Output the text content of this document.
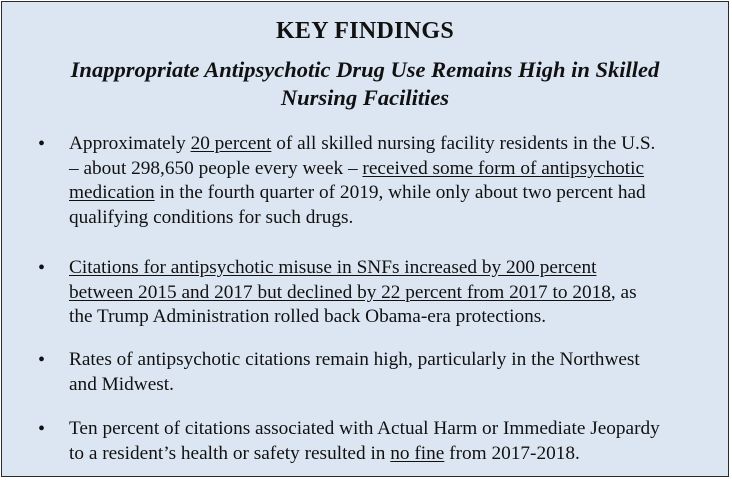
KEY FINDINGS
Inappropriate Antipsychotic Drug Use Remains High in Skilled
Nursing Facilities
•	Approximately 20 percent of all skilled nursing facility residents in the U.S.
– about 298,650 people every week – received some form of antipsychotic
medication in the fourth quarter of 2019, while only about two percent had
qualifying conditions for such drugs.
•	Citations for antipsychotic misuse in SNFs increased by 200 percent
between 2015 and 2017 but declined by 22 percent from 2017 to 2018, as
the Trump Administration rolled back Obama-era protections.
•	Rates of antipsychotic citations remain high, particularly in the Northwest
and Midwest.
•	Ten percent of citations associated with Actual Harm or Immediate Jeopardy
to a resident’s health or safety resulted in no fine from 2017-2018.
